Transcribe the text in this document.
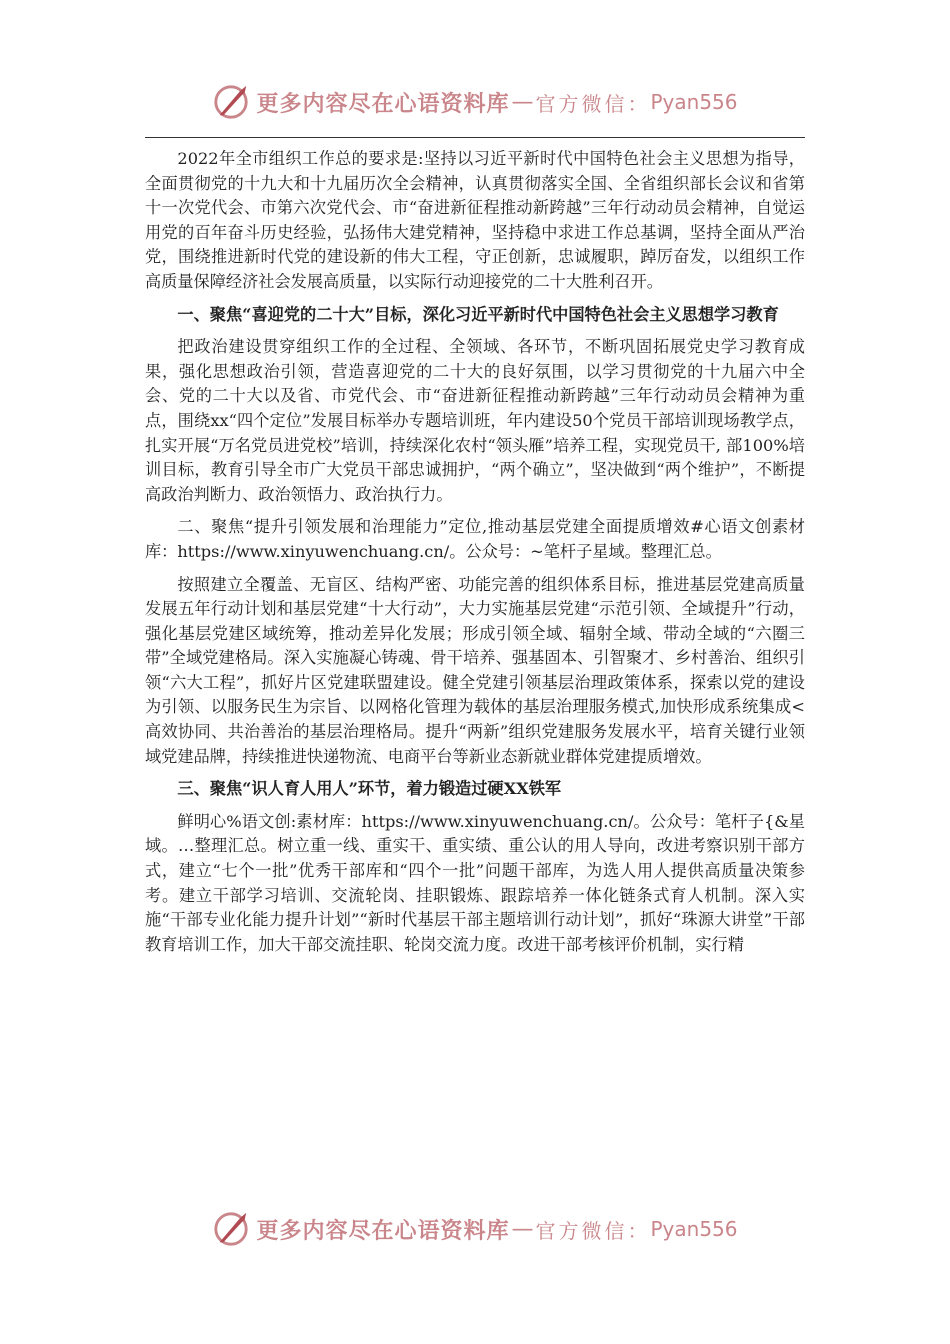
更多内容尽在心语资料库 — 官方微信： Pyan556

2022年全市组织工作总的要求是:坚持以习近平新时代中国特色社会主义思想为指导，全面贯彻党的十九大和十九届历次全会精神，认真贯彻落实全国、全省组织部长会议和省第十一次党代会、市第六次党代会、市“奋进新征程推动新跨越”三年行动动员会精神，自觉运用党的百年奋斗历史经验，弘扬伟大建党精神，坚持稳中求进工作总基调，坚持全面从严治党，围绕推进新时代党的建设新的伟大工程，守正创新，忠诚履职，踔厉奋发，以组织工作高质量保障经济社会发展高质量，以实际行动迎接党的二十大胜利召开。

一、聚焦“喜迎党的二十大”目标，深化习近平新时代中国特色社会主义思想学习教育

把政治建设贯穿组织工作的全过程、全领域、各环节，不断巩固拓展党史学习教育成果，强化思想政治引领，营造喜迎党的二十大的良好氛围，以学习贯彻党的十九届六中全会、党的二十大以及省、市党代会、市“奋进新征程推动新跨越”三年行动动员会精神为重点，围绕xx“四个定位”发展目标举办专题培训班，年内建设50个党员干部培训现场教学点，扎实开展“万名党员进党校”培训，持续深化农村“领头雁”培养工程，实现党员干, 部100%培训目标，教育引导全市广大党员干部忠诚拥护，“两个确立”，坚决做到“两个维护”，不断提高政治判断力、政治领悟力、政治执行力。

二、聚焦“提升引领发展和治理能力”定位,推动基层党建全面提质增效#心语文创素材库：https://www.xinyuwenchuang.cn/。公众号：~笔杆子星域。整理汇总。

按照建立全覆盖、无盲区、结构严密、功能完善的组织体系目标，推进基层党建高质量发展五年行动计划和基层党建“十大行动”，大力实施基层党建“示范引领、全域提升”行动，强化基层党建区域统筹，推动差异化发展；形成引领全域、辐射全域、带动全域的“六圈三带”全域党建格局。深入实施凝心铸魂、骨干培养、强基固本、引智聚才、乡村善治、组织引领“六大工程”，抓好片区党建联盟建设。健全党建引领基层治理政策体系，探索以党的建设为引领、以服务民生为宗旨、以网格化管理为载体的基层治理服务模式,加快形成系统集成<高效协同、共治善治的基层治理格局。提升“两新”组织党建服务发展水平，培育关键行业领域党建品牌，持续推进快递物流、电商平台等新业态新就业群体党建提质增效。

三、聚焦“识人育人用人”环节，着力锻造过硬XX铁军

鲜明心%语文创:素材库：https://www.xinyuwenchuang.cn/。公众号：笔杆子{&星域。…整理汇总。树立重一线、重实干、重实绩、重公认的用人导向，改进考察识别干部方式，建立“七个一批”优秀干部库和“四个一批”问题干部库，为选人用人提供高质量决策参考。建立干部学习培训、交流轮岗、挂职锻炼、跟踪培养一体化链条式育人机制。深入实施“干部专业化能力提升计划”“新时代基层干部主题培训行动计划”，抓好“珠源大讲堂”干部教育培训工作，加大干部交流挂职、轮岗交流力度。改进干部考核评价机制，实行精

更多内容尽在心语资料库 — 官方微信： Pyan556
